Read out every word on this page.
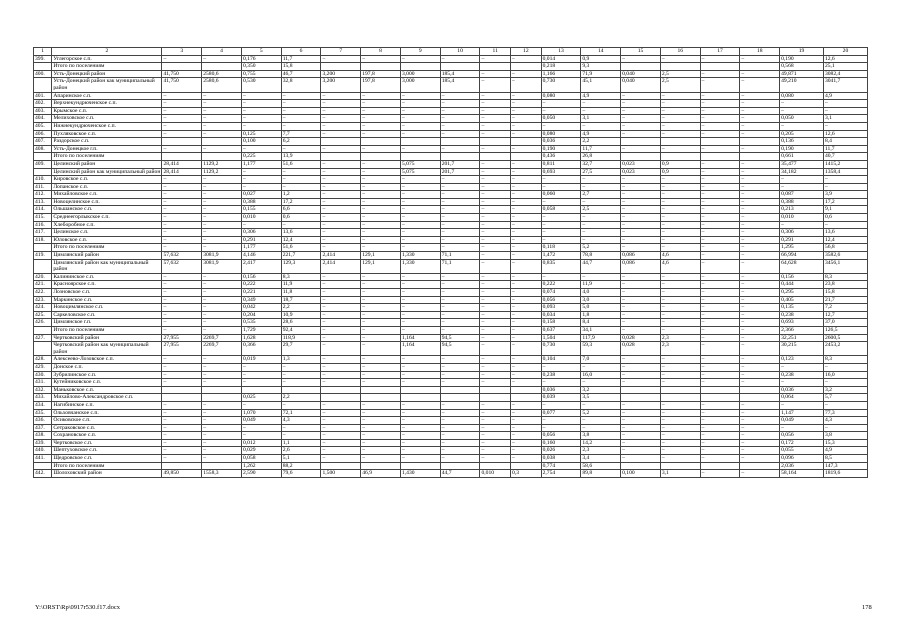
1	2	3	4	5	6	7	8	9	10	11	12	13	14	15	16	17	18	19	20
399.	Углегорское с.п.	–	–	0,176	11,7	–	–	–	–	–	–	0,014	0,9	–	–	–	–	0,190	12,6
	Итого по поселениям			0,350	15,8							0,218	9,3					0,568	25,1
400.	Усть-Донецкий район	41,750	2580,6	0,755	46,7	3,200	197,8	3,000	185,4	–	–	1,166	71,9	0,040	2,5	–	–	49,871	3082,4
	Усть-Донецкий район как муниципальный район	41,750	2580,6	0,530	32,8	3,200	197,8	3,000	185,4	–	–	0,730	45,1	0,040	2,5	–	–	49,210	3041,7
401.	Апаринское с.п.	–	–	–	–	–	–	–	–	–	–	0,080	4,9	–	–	–	–	0,080	4,9
402.	Верхнекундрюченское с.п.	–	–	–	–	–	–	–	–	–	–	–	–	–	–	–	–	–	–
403.	Крымское с.п.	–	–	–	–	–	–	–	–	–	–	–	–	–	–	–	–	–	–
404.	Мелиховское с.п.	–	–	–	–	–	–	–	–	–	–	0,050	3,1	–	–	–	–	0,050	3,1
405.	Нижнекундрюченское с.п.	–	–	–	–	–	–	–	–	–	–	–	–	–	–	–	–	–	–
406.	Пухляковское с.п.	–	–	0,125	7,7	–	–	–	–	–	–	0,080	4,9	–	–	–	–	0,205	12,6
407.	Раздорское с.п.			0,100	6,2							0,036	2,2					0,136	8,4
408.	Усть-Донецкое г.п.	–	–	–	–	–	–	–	–	–	–	0,190	11,7	–	–	–	–	0,190	11,7
	Итого по поселениям			0,225	13,9							0,436	26,8					0,661	40,7
409.	Целинский район	28,414	1129,2	1,177	51,6	–	–	5,075	201,7	–	–	0,811	32,7	0,023	0,9	–	–	35,477	1415,2
	Целинский район как муниципальный район	28,414	1129,2	–	–	–	–	5,075	201,7	–	–	0,693	27,5	0,023	0,9	–	–	34,182	1358,4
410.	Кировское с.п.	–	–	–	–	–	–	–	–	–	–	–	–	–	–	–	–	–	–
411.	Лопанское с.п.	–	–	–	–	–	–	–	–	–	–	–	–	–	–	–	–	–	–
412.	Михайловское с.п.	–	–	0,027	1,2	–	–	–	–	–	–	0,060	2,7	–	–	–	–	0,087	3,9
413.	Новоцелинское с.п.	–	–	0,388	17,2	–	–	–	–	–	–	–	–	–	–	–	–	0,388	17,2
414.	Ольшанское с.п.	–	–	0,155	6,6	–	–	–	–	–	–	0,058	2,5	–	–	–	–	0,213	9,1
415.	Среднеегорлыкское с.п.	–	–	0,010	0,6	–	–	–	–	–	–	–	–	–	–	–	–	0,010	0,6
416.	Хлеборобное с.п.	–	–	–	–	–	–	–	–	–	–	–	–	–	–	–	–	–	–
417.	Целинское с.п.	–	–	0,306	13,6	–	–	–	–	–	–	–	–	–	–	–	–	0,306	13,6
418.	Юловское с.п.	–	–	0,291	12,4	–	–	–	–	–	–	–	–	–	–	–	–	0,291	12,4
	Итого по поселениям	–	–	1,177	51,6	–	–	–	–	–	–	0,118	5,2	–	–	–	–	1,295	56,8
419.	Цимлянский район	57,632	3081,9	4,146	221,7	2,414	129,1	1,330	71,1	–	–	1,472	78,8	0,086	4,6	–	–	66,994	3582,6
	Цимлянский район как муниципальный район	57,632	3081,9	2,417	129,3	2,414	129,1	1,330	71,1	–	–	0,835	44,7	0,086	4,6	–	–	64,628	3456,1
420.	Калининское с.п.	–	–	0,156	8,3	–	–	–	–	–	–	–	–	–	–	–	–	0,156	8,3
421.	Красноярское с.п.	–	–	0,222	11,9	–	–	–	–	–	–	0,222	11,9	–	–	–	–	0,444	23,8
422.	Лозновское с.п.	–	–	0,221	11,8	–	–	–	–	–	–	0,074	4,0	–	–	–	–	0,295	15,8
423.	Маркинское с.п.	–	–	0,349	18,7	–	–	–	–	–	–	0,056	3,0	–	–	–	–	0,405	21,7
424.	Новоцимлянское с.п.	–	–	0,042	2,2	–	–	–	–	–	–	0,093	5,0	–	–	–	–	0,135	7,2
425.	Саркеловское с.п.	–	–	0,204	10,9	–	–	–	–	–	–	0,034	1,8	–	–	–	–	0,238	12,7
426.	Цимлянское г.п.	–	–	0,535	28,6	–	–	–	–	–	–	0,158	8,4	–	–	–	–	0,693	37,0
	Итого по поселениям	–	–	1,729	92,4	–	–	–	–	–	–	0,637	34,1	–	–	–	–	2,366	126,5
427.	Чертковский район	27,955	2269,7	1,628	118,9	–	–	1,164	94,5	–	–	1,504	117,9	0,028	2,3	–	–	32,251	2600,5
	Чертковский район как муниципальный район	27,955	2269,7	0,366	29,7	–	–	1,164	94,5	–	–	0,730	59,3	0,028	2,3	–	–	30,215	2453,2
428.	Алексеево-Лозовское с.п.	–	–	0,019	1,3	–	–	–	–	–	–	0,104	7,0	–	–	–	–	0,123	8,3
429.	Донское с.п.	–	–	–	–	–	–	–	–	–	–	–	–	–	–	–	–	–	–
430.	Зубрилинское с.п.	–	–	–	–	–	–	–	–	–	–	0,238	16,0	–	–	–	–	0,238	16,0
431.	Кутейниковское с.п.	–	–	–	–	–	–	–	–	–	–	–	–	–	–	–	–	–	–
432.	Маньковское с.п.											0,036	3,2					0,036	3,2
433.	Михайлово-Александровское с.п.			0,025	2,2							0,039	3,5					0,064	5,7
434.	Нагибинское с.п.	–	–	–	–	–	–	–	–	–	–	–	–	–	–	–	–	–	–
435.	Ольховчанское с.п.	–	–	1,070	72,1	–	–	–	–	–	–	0,077	5,2	–	–	–	–	1,147	77,3
436.	Осиковское с.п.	–	–	0,049	4,3	–	–	–	–	–	–	–	–	–	–	–	–	0,049	4,3
437.	Сетраковское с.п.	–	–	–	–	–	–	–	–	–	–	–	–	–	–	–	–	–	–
438.	Сохрановское с.п.	–	–	–	–	–	–	–	–	–	–	0,056	3,8	–	–	–	–	0,056	3,8
439.	Чертковское с.п.	–	–	0,012	1,1	–	–	–	–	–	–	0,160	14,2	–	–	–	–	0,172	15,3
440.	Шептуховское с.п.	–	–	0,029	2,6	–	–	–	–	–	–	0,026	2,3	–	–	–	–	0,055	4,9
441.	Щедровское с.п.	–	–	0,058	5,1	–	–	–	–	–	–	0,038	3,4	–	–	–	–	0,096	8,5
	Итого по поселениям			1,262	88,2							0,774	58,6					2,036	147,3
442.	Шолоховский район	49,850	1558,3	2,590	79,6	1,500	46,9	1,430	44,7	0,010	0,3	2,754	89,8	0,100	3,1	–	–	58,164	1819,6
Y:\ORST\Rp\0917r530.f17.docx	178
